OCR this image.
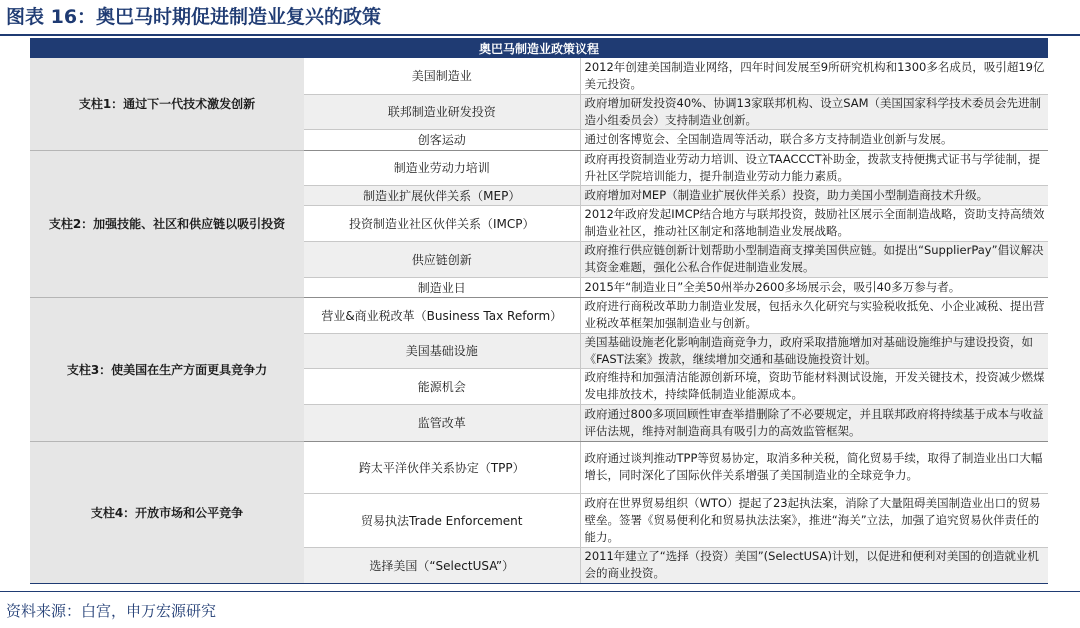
图表 16：奥巴马时期促进制造业复兴的政策
奥巴马制造业政策议程		
支柱1：通过下一代技术激发创新	美国制造业	2012年创建美国制造业网络，四年时间发展至9所研究机构和1300多名成员，吸引超19亿美元投资。
	联邦制造业研发投资	政府增加研发投资40%、协调13家联邦机构、设立SAM（美国国家科学技术委员会先进制造小组委员会）支持制造业创新。
	创客运动	通过创客博览会、全国制造周等活动，联合多方支持制造业创新与发展。
支柱2：加强技能、社区和供应链以吸引投资	制造业劳动力培训	政府再投资制造业劳动力培训、设立TAACCCT补助金，拨款支持便携式证书与学徒制，提升社区学院培训能力，提升制造业劳动力能力素质。
	制造业扩展伙伴关系（MEP）	政府增加对MEP（制造业扩展伙伴关系）投资，助力美国小型制造商技术升级。
	投资制造业社区伙伴关系（IMCP）	2012年政府发起IMCP结合地方与联邦投资，鼓励社区展示全面制造战略，资助支持高绩效制造业社区，推动社区制定和落地制造业发展战略。
	供应链创新	政府推行供应链创新计划帮助小型制造商支撑美国供应链。如提出“SupplierPay”倡议解决其资金难题，强化公私合作促进制造业发展。
	制造业日	2015年“制造业日”全美50州举办2600多场展示会，吸引40多万参与者。
支柱3：使美国在生产方面更具竞争力	营业&商业税改革（Business Tax Reform）	政府进行商税改革助力制造业发展，包括永久化研究与实验税收抵免、小企业减税、提出营业税改革框架加强制造业与创新。
	美国基础设施	美国基础设施老化影响制造商竞争力，政府采取措施增加对基础设施维护与建设投资，如《FAST法案》拨款，继续增加交通和基础设施投资计划。
	能源机会	政府维持和加强清洁能源创新环境，资助节能材料测试设施，开发关键技术，投资减少燃煤发电排放技术，持续降低制造业能源成本。
	监管改革	政府通过800多项回顾性审查举措删除了不必要规定，并且联邦政府将持续基于成本与收益评估法规，维持对制造商具有吸引力的高效监管框架。
支柱4：开放市场和公平竞争	跨太平洋伙伴关系协定（TPP）	政府通过谈判推动TPP等贸易协定，取消多种关税，简化贸易手续，取得了制造业出口大幅增长，同时深化了国际伙伴关系增强了美国制造业的全球竞争力。
	贸易执法Trade Enforcement	政府在世界贸易组织（WTO）提起了23起执法案，消除了大量阻碍美国制造业出口的贸易壁垒。签署《贸易便利化和贸易执法法案》，推进“海关”立法，加强了追究贸易伙伴责任的能力。
	选择美国（“SelectUSA”）	2011年建立了“选择（投资）美国”(SelectUSA)计划，以促进和便利对美国的创造就业机会的商业投资。
资料来源：白宫，申万宏源研究
